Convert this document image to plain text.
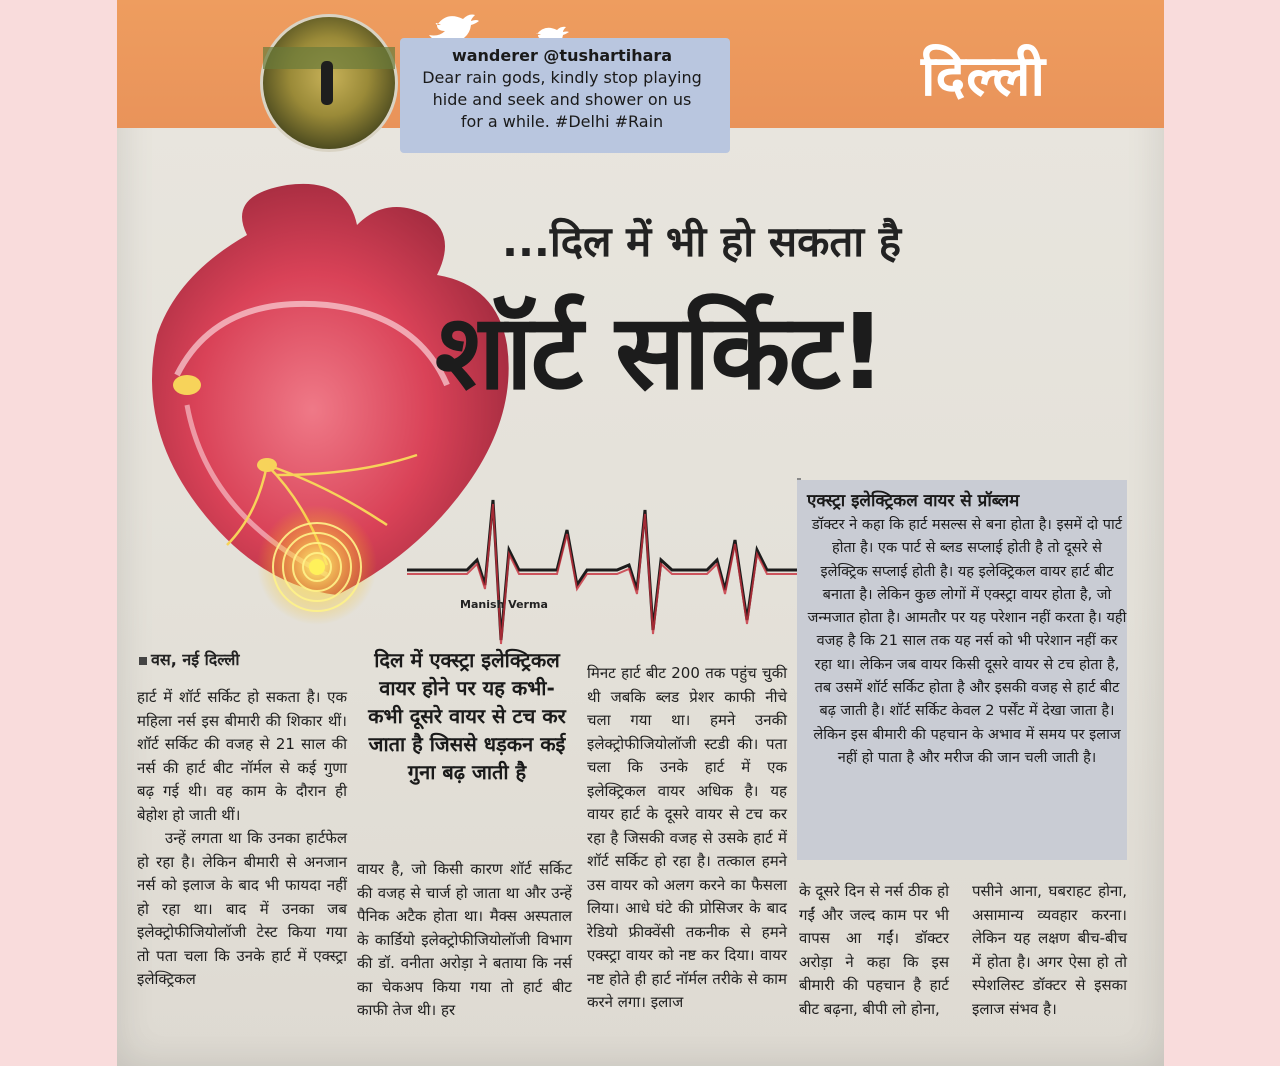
दिल्ली
wanderer @tushartihara
Dear rain gods, kindly stop playing
hide and seek and shower on us
for a while. #Delhi #Rain
Manish Verma
...दिल में भी हो सकता है
शॉर्ट सर्किट!
वस, नई दिल्ली

हार्ट में शॉर्ट सर्किट हो सकता है। एक महिला नर्स इस बीमारी की शिकार थीं। शॉर्ट सर्किट की वजह से 21 साल की नर्स की हार्ट बीट नॉर्मल से कई गुणा बढ़ गई थी। वह काम के दौरान ही बेहोश हो जाती थीं।

उन्हें लगता था कि उनका हार्टफेल हो रहा है। लेकिन बीमारी से अनजान नर्स को इलाज के बाद भी फायदा नहीं हो रहा था। बाद में उनका जब इलेक्ट्रोफीजियोलॉजी टेस्ट किया गया तो पता चला कि उनके हार्ट में एक्स्ट्रा इलेक्ट्रिकल

दिल में एक्स्ट्रा इलेक्ट्रिकल वायर होने पर यह कभी-कभी दूसरे वायर से टच कर जाता है जिससे धड़कन कई गुना बढ़ जाती है

वायर है, जो किसी कारण शॉर्ट सर्किट की वजह से चार्ज हो जाता था और उन्हें पैनिक अटैक होता था। मैक्स अस्पताल के कार्डियो इलेक्ट्रोफीजियोलॉजी विभाग की डॉ. वनीता अरोड़ा ने बताया कि नर्स का चेकअप किया गया तो हार्ट बीट काफी तेज थी। हर

मिनट हार्ट बीट 200 तक पहुंच चुकी थी जबकि ब्लड प्रेशर काफी नीचे चला गया था। हमने उनकी इलेक्ट्रोफीजियोलॉजी स्टडी की। पता चला कि उनके हार्ट में एक इलेक्ट्रिकल वायर अधिक है। यह वायर हार्ट के दूसरे वायर से टच कर रहा है जिसकी वजह से उसके हार्ट में शॉर्ट सर्किट हो रहा है। तत्काल हमने उस वायर को अलग करने का फैसला लिया। आधे घंटे की प्रोसिजर के बाद रेडियो फ्रीक्वेंसी तकनीक से हमने एक्स्ट्रा वायर को नष्ट कर दिया। वायर नष्ट होते ही हार्ट नॉर्मल तरीके से काम करने लगा। इलाज

एक्स्ट्रा इलेक्ट्रिकल वायर से प्रॉब्लम
डॉक्टर ने कहा कि हार्ट मसल्स से बना होता है। इसमें दो पार्ट होता है। एक पार्ट से ब्लड सप्लाई होती है तो दूसरे से इलेक्ट्रिक सप्लाई होती है। यह इलेक्ट्रिकल वायर हार्ट बीट बनाता है। लेकिन कुछ लोगों में एक्स्ट्रा वायर होता है, जो जन्मजात होता है। आमतौर पर यह परेशान नहीं करता है। यही वजह है कि 21 साल तक यह नर्स को भी परेशान नहीं कर रहा था। लेकिन जब वायर किसी दूसरे वायर से टच होता है, तब उसमें शॉर्ट सर्किट होता है और इसकी वजह से हार्ट बीट बढ़ जाती है। शॉर्ट सर्किट केवल 2 पर्सेंट में देखा जाता है। लेकिन इस बीमारी की पहचान के अभाव में समय पर इलाज नहीं हो पाता है और मरीज की जान चली जाती है।

के दूसरे दिन से नर्स ठीक हो गईं और जल्द काम पर भी वापस आ गईं। डॉक्टर अरोड़ा ने कहा कि इस बीमारी की पहचान है हार्ट बीट बढ़ना, बीपी लो होना,

पसीने आना, घबराहट होना, असामान्य व्यवहार करना। लेकिन यह लक्षण बीच-बीच में होता है। अगर ऐसा हो तो स्पेशलिस्ट डॉक्टर से इसका इलाज संभव है।
